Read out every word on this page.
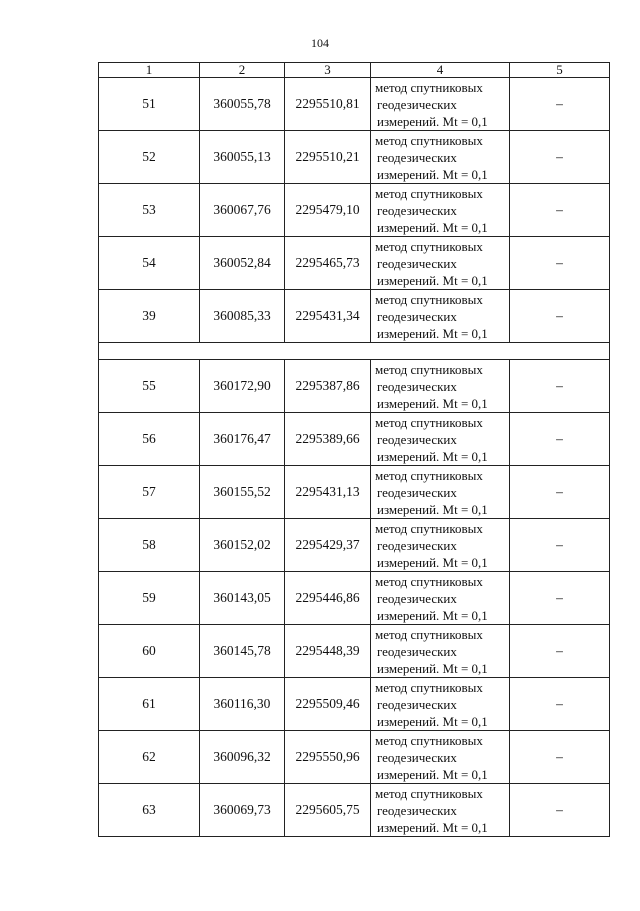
104
1	2	3	4	5
51	360055,78	2295510,81	метод спутниковых
геодезических
измерений. Mt = 0,1	–
52	360055,13	2295510,21	метод спутниковых
геодезических
измерений. Mt = 0,1	–
53	360067,76	2295479,10	метод спутниковых
геодезических
измерений. Mt = 0,1	–
54	360052,84	2295465,73	метод спутниковых
геодезических
измерений. Mt = 0,1	–
39	360085,33	2295431,34	метод спутниковых
геодезических
измерений. Mt = 0,1	–

55	360172,90	2295387,86	метод спутниковых
геодезических
измерений. Mt = 0,1	–
56	360176,47	2295389,66	метод спутниковых
геодезических
измерений. Mt = 0,1	–
57	360155,52	2295431,13	метод спутниковых
геодезических
измерений. Mt = 0,1	–
58	360152,02	2295429,37	метод спутниковых
геодезических
измерений. Mt = 0,1	–
59	360143,05	2295446,86	метод спутниковых
геодезических
измерений. Mt = 0,1	–
60	360145,78	2295448,39	метод спутниковых
геодезических
измерений. Mt = 0,1	–
61	360116,30	2295509,46	метод спутниковых
геодезических
измерений. Mt = 0,1	–
62	360096,32	2295550,96	метод спутниковых
геодезических
измерений. Mt = 0,1	–
63	360069,73	2295605,75	метод спутниковых
геодезических
измерений. Mt = 0,1	–
